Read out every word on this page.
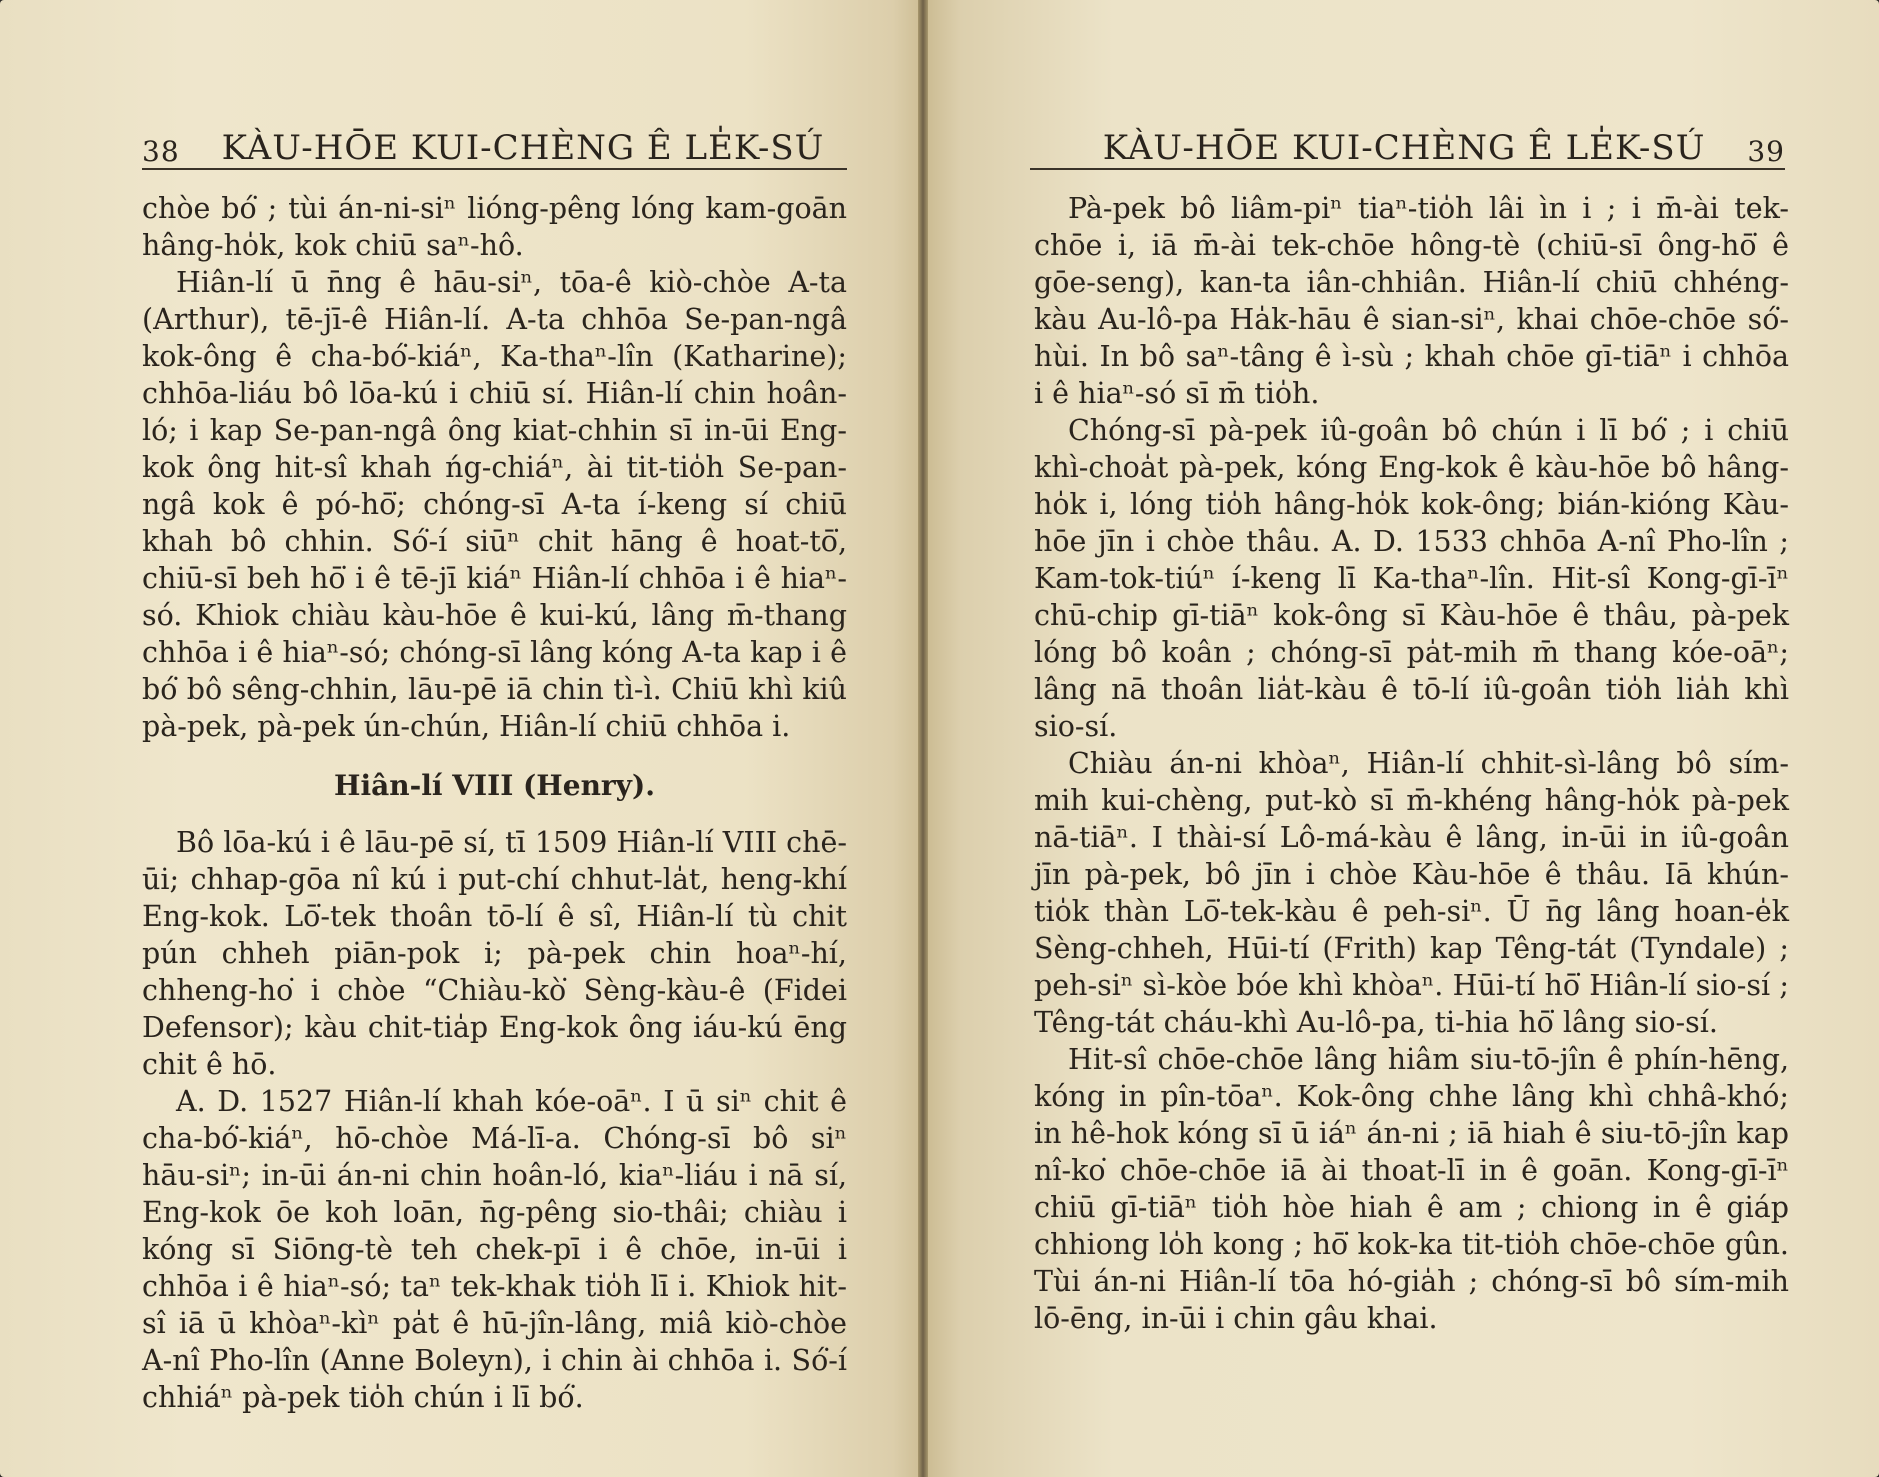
38 KÀU-HŌE KUI-CHÈNG Ê LE̍K-SÚ

chòe bó͘ ; tùi án-ni-siⁿ lióng-pêng lóng kam-goān hâng-ho̍k, kok chiū saⁿ-hô.

Hiân-lí ū n̄ng ê hāu-siⁿ, tōa-ê kiò-chòe A-ta (Arthur), tē-jī-ê Hiân-lí. A-ta chhōa Se-pan-ngâ kok-ông ê cha-bó͘-kiáⁿ, Ka-thaⁿ-lîn (Katharine); chhōa-liáu bô lōa-kú i chiū sí. Hiân-lí chin hoân-ló; i kap Se-pan-ngâ ông kiat-chhin sī in-ūi Eng-kok ông hit-sî khah ńg-chiáⁿ, ài tit-tio̍h Se-pan-ngâ kok ê pó-hō͘; chóng-sī A-ta í-keng sí chiū khah bô chhin. Só͘-í siūⁿ chit hāng ê hoat-tō͘, chiū-sī beh hō͘ i ê tē-jī kiáⁿ Hiân-lí chhōa i ê hiaⁿ-só. Khiok chiàu kàu-hōe ê kui-kú, lâng m̄-thang chhōa i ê hiaⁿ-só; chóng-sī lâng kóng A-ta kap i ê bó͘ bô sêng-chhin, lāu-pē iā chin tì-ì. Chiū khì kiû pà-pek, pà-pek ún-chún, Hiân-lí chiū chhōa i.

Hiân-lí VIII (Henry).

Bô lōa-kú i ê lāu-pē sí, tī 1509 Hiân-lí VIII chē-ūi; chhap-gōa nî kú i put-chí chhut-la̍t, heng-khí Eng-kok. Lō͘-tek thoân tō-lí ê sî, Hiân-lí tù chit pún chheh piān-pok i; pà-pek chin hoaⁿ-hí, chheng-ho͘ i chòe “Chiàu-kò͘ Sèng-kàu-ê (Fidei Defensor); kàu chit-tia̍p Eng-kok ông iáu-kú ēng chit ê hō.

A. D. 1527 Hiân-lí khah kóe-oāⁿ. I ū siⁿ chit ê cha-bó͘-kiáⁿ, hō-chòe Má-lī-a. Chóng-sī bô siⁿ hāu-siⁿ; in-ūi án-ni chin hoân-ló, kiaⁿ-liáu i nā sí, Eng-kok ōe koh loān, n̄g-pêng sio-thâi; chiàu i kóng sī Siōng-tè teh chek-pī i ê chōe, in-ūi i chhōa i ê hiaⁿ-só; taⁿ tek-khak tio̍h lī i. Khiok hit-sî iā ū khòaⁿ-kìⁿ pa̍t ê hū-jîn-lâng, miâ kiò-chòe A-nî Pho-lîn (Anne Boleyn), i chin ài chhōa i. Só͘-í chhiáⁿ pà-pek tio̍h chún i lī bó͘.

KÀU-HŌE KUI-CHÈNG Ê LE̍K-SÚ 39

Pà-pek bô liâm-piⁿ tiaⁿ-tio̍h lâi ìn i ; i m̄-ài tek-chōe i, iā m̄-ài tek-chōe hông-tè (chiū-sī ông-hō͘ ê gōe-seng), kan-ta iân-chhiân. Hiân-lí chiū chhéng-kàu Au-lô-pa Ha̍k-hāu ê sian-siⁿ, khai chōe-chōe só͘-hùi. In bô saⁿ-tâng ê ì-sù ; khah chōe gī-tiāⁿ i chhōa i ê hiaⁿ-só sī m̄ tio̍h.

Chóng-sī pà-pek iû-goân bô chún i lī bó͘ ; i chiū khì-choa̍t pà-pek, kóng Eng-kok ê kàu-hōe bô hâng-ho̍k i, lóng tio̍h hâng-ho̍k kok-ông; bián-kióng Kàu-hōe jīn i chòe thâu. A. D. 1533 chhōa A-nî Pho-lîn ; Kam-tok-tiúⁿ í-keng lī Ka-thaⁿ-lîn. Hit-sî Kong-gī-īⁿ chū-chip gī-tiāⁿ kok-ông sī Kàu-hōe ê thâu, pà-pek lóng bô koân ; chóng-sī pa̍t-mih m̄ thang kóe-oāⁿ; lâng nā thoân lia̍t-kàu ê tō-lí iû-goân tio̍h lia̍h khì sio-sí.

Chiàu án-ni khòaⁿ, Hiân-lí chhit-sì-lâng bô sím-mih kui-chèng, put-kò sī m̄-khéng hâng-ho̍k pà-pek nā-tiāⁿ. I thài-sí Lô-má-kàu ê lâng, in-ūi in iû-goân jīn pà-pek, bô jīn i chòe Kàu-hōe ê thâu. Iā khún-tio̍k thàn Lō͘-tek-kàu ê peh-siⁿ. Ū n̄g lâng hoan-e̍k Sèng-chheh, Hūi-tí (Frith) kap Têng-tát (Tyndale) ; peh-siⁿ sì-kòe bóe khì khòaⁿ. Hūi-tí hō͘ Hiân-lí sio-sí ; Têng-tát cháu-khì Au-lô-pa, ti-hia hō͘ lâng sio-sí.

Hit-sî chōe-chōe lâng hiâm siu-tō-jîn ê phín-hēng, kóng in pîn-tōaⁿ. Kok-ông chhe lâng khì chhâ-khó; in hê-hok kóng sī ū iáⁿ án-ni ; iā hiah ê siu-tō-jîn kap nî-ko͘ chōe-chōe iā ài thoat-lī in ê goān. Kong-gī-īⁿ chiū gī-tiāⁿ tio̍h hòe hiah ê am ; chiong in ê giáp chhiong lo̍h kong ; hō͘ kok-ka tit-tio̍h chōe-chōe gûn. Tùi án-ni Hiân-lí tōa hó-gia̍h ; chóng-sī bô sím-mih lō-ēng, in-ūi i chin gâu khai.
